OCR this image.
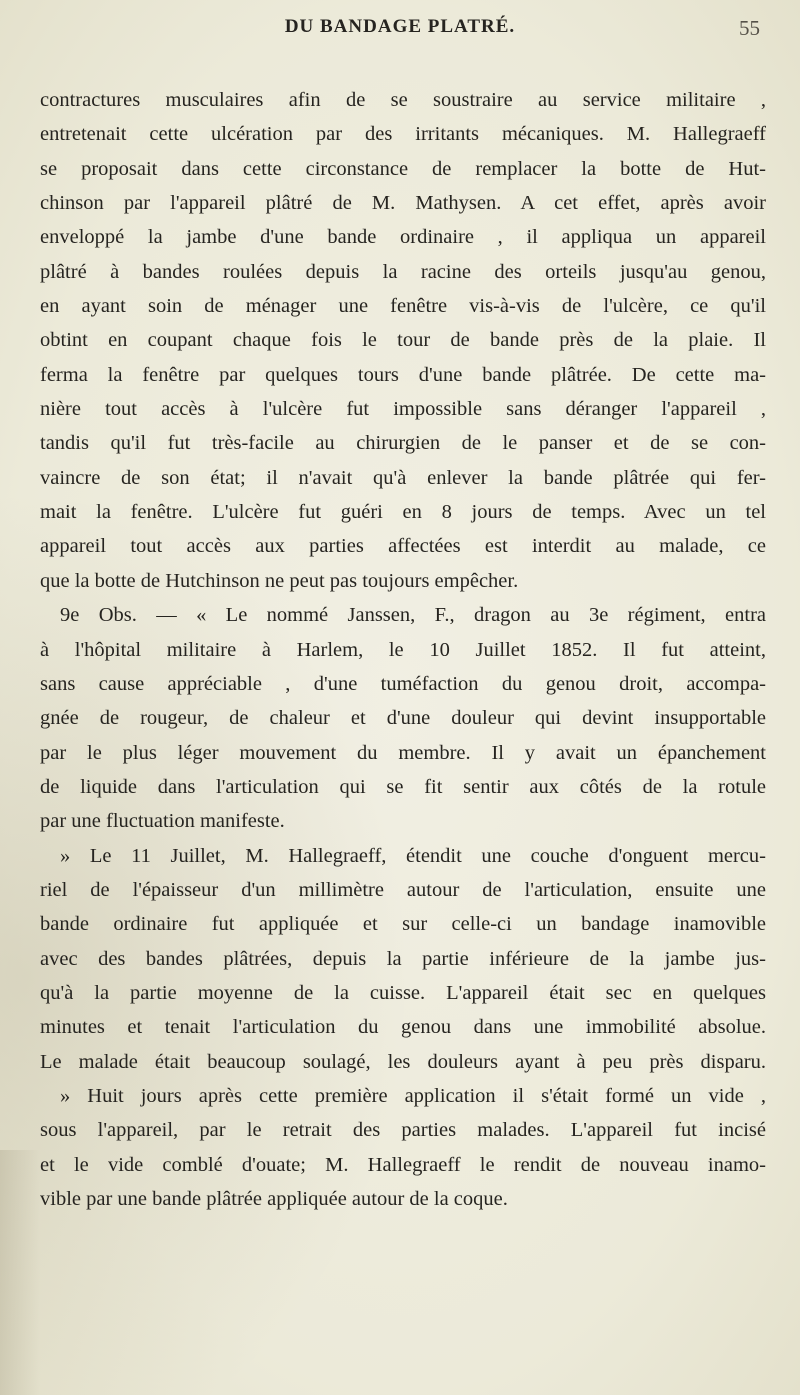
DU BANDAGE PLATRÉ.	55
contractures musculaires afin de se soustraire au service militaire ,
entretenait cette ulcération par des irritants mécaniques. M. Hallegraeff
se proposait dans cette circonstance de remplacer la botte de Hut-
chinson par l'appareil plâtré de M. Mathysen. A cet effet, après avoir
enveloppé la jambe d'une bande ordinaire , il appliqua un appareil
plâtré à bandes roulées depuis la racine des orteils jusqu'au genou,
en ayant soin de ménager une fenêtre vis-à-vis de l'ulcère, ce qu'il
obtint en coupant chaque fois le tour de bande près de la plaie. Il
ferma la fenêtre par quelques tours d'une bande plâtrée. De cette ma-
nière tout accès à l'ulcère fut impossible sans déranger l'appareil ,
tandis qu'il fut très-facile au chirurgien de le panser et de se con-
vaincre de son état; il n'avait qu'à enlever la bande plâtrée qui fer-
mait la fenêtre. L'ulcère fut guéri en 8 jours de temps. Avec un tel
appareil tout accès aux parties affectées est interdit au malade, ce
que la botte de Hutchinson ne peut pas toujours empêcher.
9e Obs. — « Le nommé Janssen, F., dragon au 3e régiment, entra
à l'hôpital militaire à Harlem, le 10 Juillet 1852. Il fut atteint,
sans cause appréciable , d'une tuméfaction du genou droit, accompa-
gnée de rougeur, de chaleur et d'une douleur qui devint insupportable
par le plus léger mouvement du membre. Il y avait un épanchement
de liquide dans l'articulation qui se fit sentir aux côtés de la rotule
par une fluctuation manifeste.
» Le 11 Juillet, M. Hallegraeff, étendit une couche d'onguent mercu-
riel de l'épaisseur d'un millimètre autour de l'articulation, ensuite une
bande ordinaire fut appliquée et sur celle-ci un bandage inamovible
avec des bandes plâtrées, depuis la partie inférieure de la jambe jus-
qu'à la partie moyenne de la cuisse. L'appareil était sec en quelques
minutes et tenait l'articulation du genou dans une immobilité absolue.
Le malade était beaucoup soulagé, les douleurs ayant à peu près disparu.
» Huit jours après cette première application il s'était formé un vide ,
sous l'appareil, par le retrait des parties malades. L'appareil fut incisé
et le vide comblé d'ouate; M. Hallegraeff le rendit de nouveau inamo-
vible par une bande plâtrée appliquée autour de la coque.
